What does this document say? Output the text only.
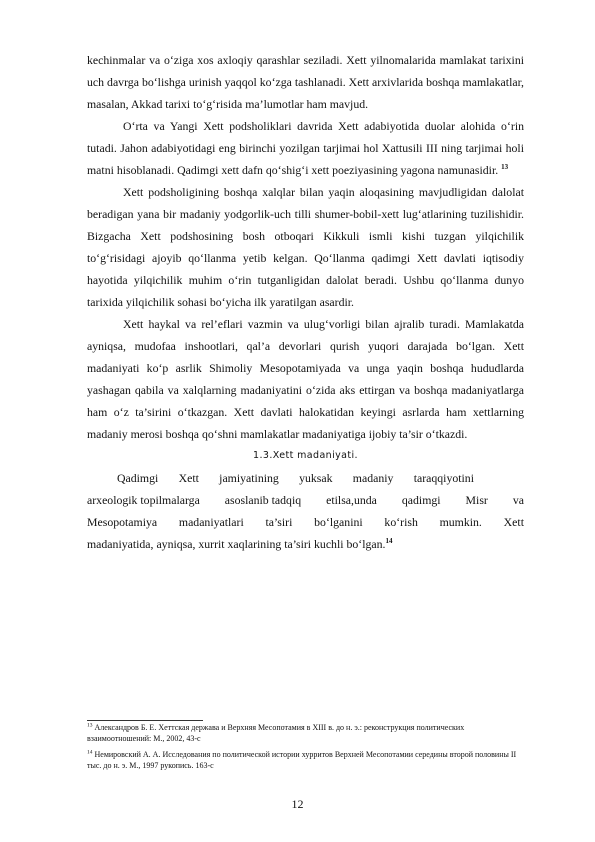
kechinmalar va o‘ziga xos axloqiy qarashlar seziladi. Xett yilnomalarida mamlakat tarixini uch davrga bo‘lishga urinish yaqqol ko‘zga tashlanadi. Xett arxivlarida boshqa mamlakatlar, masalan, Akkad tarixi to‘g‘risida ma’lumotlar ham mavjud.

O‘rta va Yangi Xett podsholiklari davrida Xett adabiyotida duolar alohida o‘rin tutadi. Jahon adabiyotidagi eng birinchi yozilgan tarjimai hol Xattusili III ning tarjimai holi matni hisoblanadi. Qadimgi xett dafn qo‘shig‘i xett poeziyasining yagona namunasidir. $^{13}$

Xett podsholigining boshqa xalqlar bilan yaqin aloqasining mavjudligidan dalolat beradigan yana bir madaniy yodgorlik-uch tilli shumer-bobil-xett lug‘atlarining tuzilishidir. Bizgacha Xett podshosining bosh otboqari Kikkuli ismli kishi tuzgan yilqichilik to‘g‘risidagi ajoyib qo‘llanma yetib kelgan. Qo‘llanma qadimgi Xett davlati iqtisodiy hayotida yilqichilik muhim o‘rin tutganligidan dalolat beradi. Ushbu qo‘llanma dunyo tarixida yilqichilik sohasi bo‘yicha ilk yaratilgan asardir.

Xett haykal va rel’eflari vazmin va ulug‘vorligi bilan ajralib turadi. Mamlakatda ayniqsa, mudofaa inshootlari, qal’a devorlari qurish yuqori darajada bo‘lgan. Xett madaniyati ko‘p asrlik Shimoliy Mesopotamiyada va unga yaqin boshqa hududlarda yashagan qabila va xalqlarning madaniyatini o‘zida aks ettirgan va boshqa madaniyatlarga ham o‘z ta’sirini o‘tkazgan. Xett davlati halokatidan keyingi asrlarda ham xettlarning madaniy merosi boshqa qo‘shni mamlakatlar madaniyatiga ijobiy ta’sir o‘tkazdi.

1.3.Xett madaniyati.
Qadimgi Xett jamiyatining yuksak madaniy taraqqiyotini
arxeologik topilmalarga asoslanib tadqiq etilsa,unda qadimgi Misr va
Mesopotamiya madaniyatlari ta’siri bo‘lganini ko‘rish mumkin. Xett
madaniyatida, ayniqsa, xurrit xaqlarining ta’siri kuchli bo‘lgan.$^{14}$

$^{13}$ Александров Б. Е. Хеттская держава и Верхняя Месопотамия в XIII в. до н. э.: реконструкция политических взаимоотношений: М., 2002, 43-с

$^{14}$ Немировский А. А. Исследования по политической истории хурритов Верхней Месопотамии середины второй половины II тыс. до н. э. М., 1997 рукопись. 163-с

12
